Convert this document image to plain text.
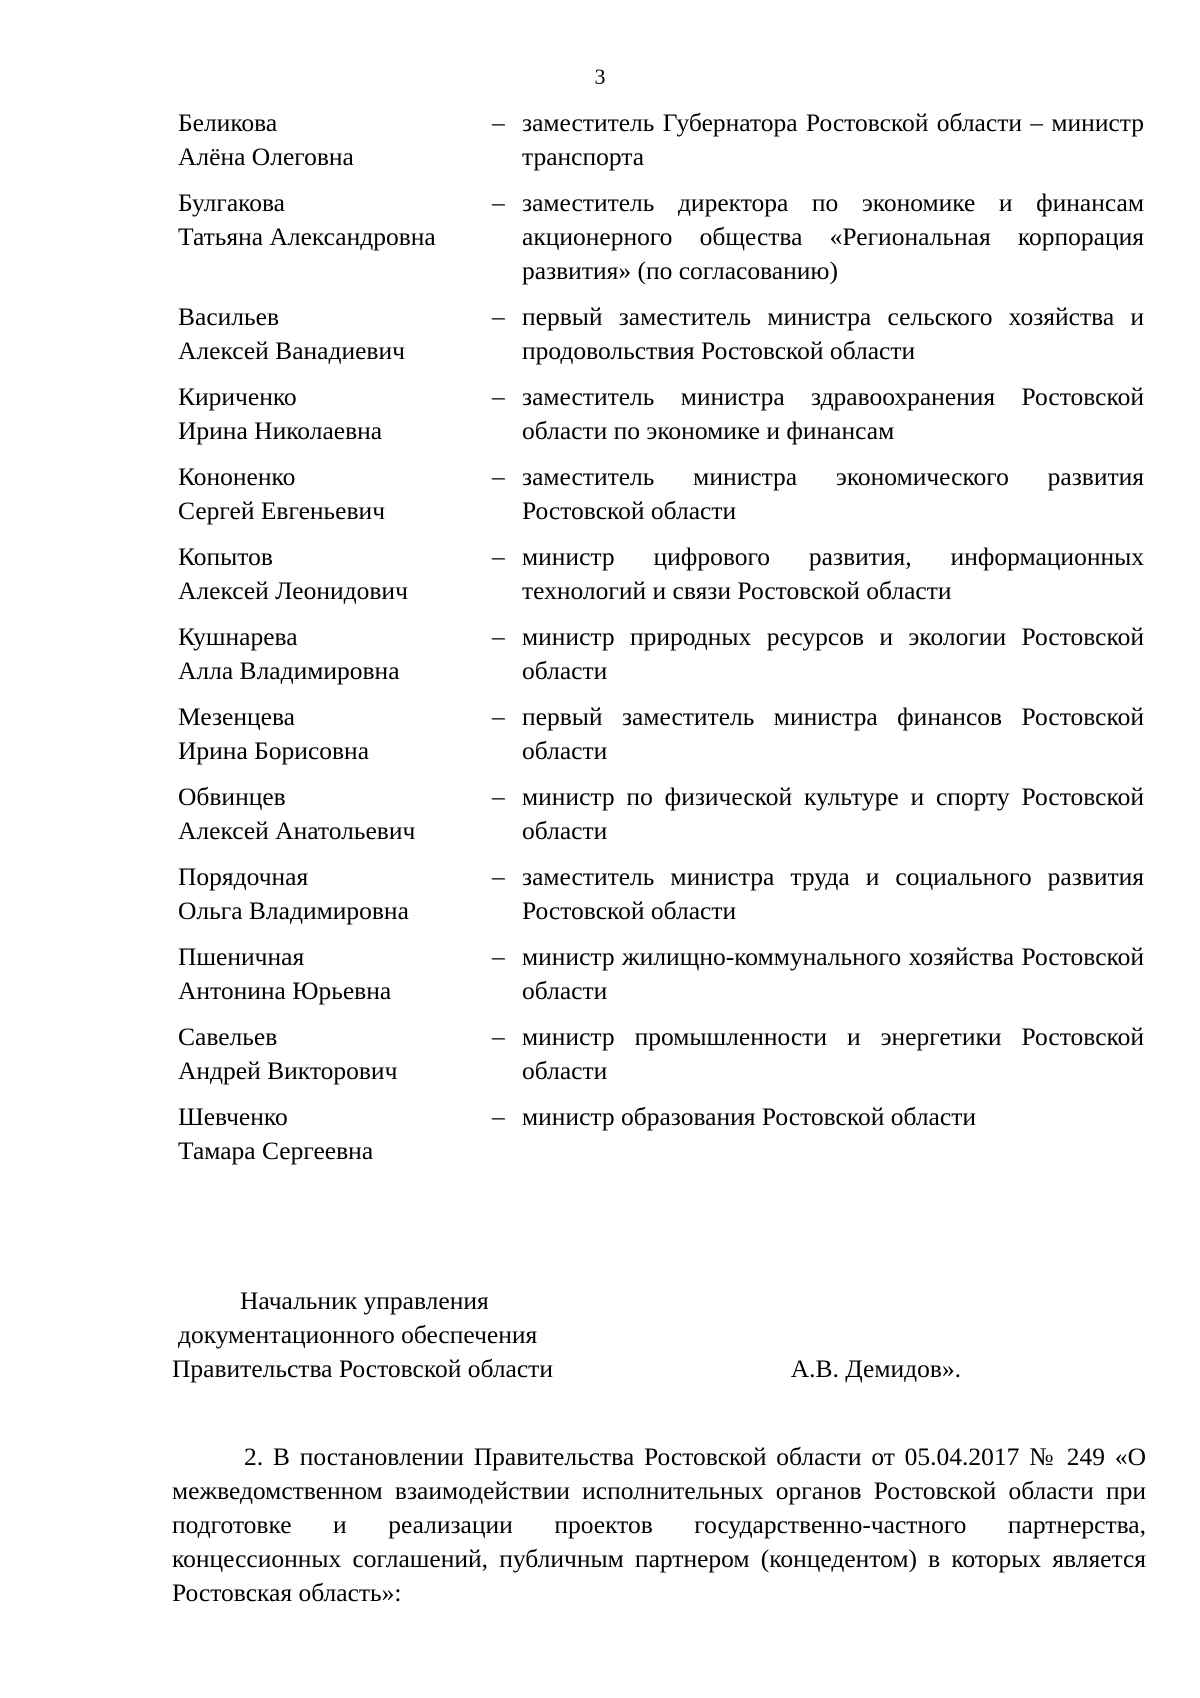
3
Беликова
Алёна Олеговна
– заместитель Губернатора Ростовской области – министр транспорта
Булгакова
Татьяна Александровна
– заместитель директора по экономике и финансам акционерного общества «Региональная корпорация развития» (по согласованию)
Васильев
Алексей Ванадиевич
– первый заместитель министра сельского хозяйства и продовольствия Ростовской области
Кириченко
Ирина Николаевна
– заместитель министра здравоохранения Ростовской области по экономике и финансам
Кононенко
Сергей Евгеньевич
– заместитель министра экономического развития Ростовской области
Копытов
Алексей Леонидович
– министр цифрового развития, информационных технологий и связи Ростовской области
Кушнарева
Алла Владимировна
– министр природных ресурсов и экологии Ростовской области
Мезенцева
Ирина Борисовна
– первый заместитель министра финансов Ростовской области
Обвинцев
Алексей Анатольевич
– министр по физической культуре и спорту Ростовской области
Порядочная
Ольга Владимировна
– заместитель министра труда и социального развития Ростовской области
Пшеничная
Антонина Юрьевна
– министр жилищно-коммунального хозяйства Ростовской области
Савельев
Андрей Викторович
– министр промышленности и энергетики Ростовской области
Шевченко
Тамара Сергеевна
– министр образования Ростовской области
Начальник управления
документационного обеспечения
Правительства Ростовской области	А.В. Демидов».

2. В постановлении Правительства Ростовской области от 05.04.2017 № 249 «О межведомственном взаимодействии исполнительных органов Ростовской области при подготовке и реализации проектов государственно-частного партнерства, концессионных соглашений, публичным партнером (концедентом) в которых является Ростовская область»:
